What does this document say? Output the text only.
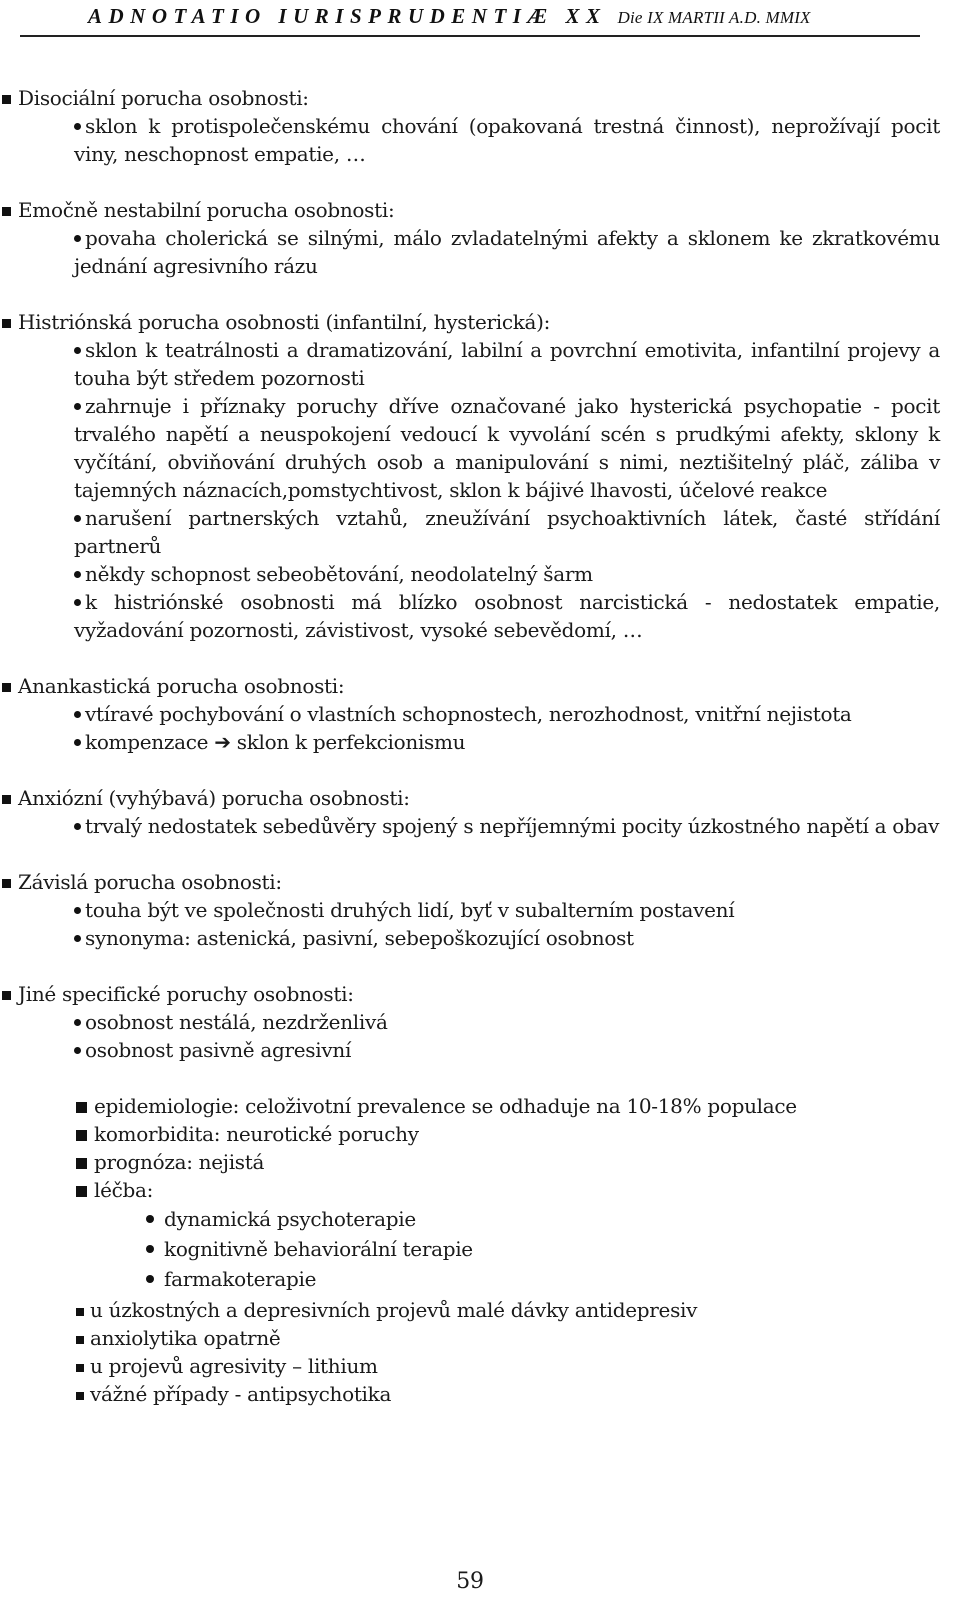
ADNOTATIO IURISPRUDENTIÆ XX Die IX MARTII A.D. MMIX
Disociální porucha osobnosti:
sklon k protispolečenskému chování (opakovaná trestná činnost), neprožívají pocit viny, neschopnost empatie, …
Emočně nestabilní porucha osobnosti:
povaha cholerická se silnými, málo zvladatelnými afekty a sklonem ke zkratkovému jednání agresivního rázu
Histriónská porucha osobnosti (infantilní, hysterická):
sklon k teatrálnosti a dramatizování, labilní a povrchní emotivita, infantilní projevy a touha být středem pozornosti
zahrnuje i příznaky poruchy dříve označované jako hysterická psychopatie - pocit trvalého napětí a neuspokojení vedoucí k vyvolání scén s prudkými afekty, sklony k vyčítání, obviňování druhých osob a manipulování s nimi, neztišitelný pláč, záliba v tajemných náznacích,pomstychtivost, sklon k bájivé lhavosti, účelové reakce
narušení partnerských vztahů, zneužívání psychoaktivních látek, časté střídání partnerů
někdy schopnost sebeobětování, neodolatelný šarm
k histriónské osobnosti má blízko osobnost narcistická - nedostatek empatie, vyžadování pozornosti, závistivost, vysoké sebevědomí, …
Anankastická porucha osobnosti:
vtíravé pochybování o vlastních schopnostech, nerozhodnost, vnitřní nejistota
kompenzace ➔ sklon k perfekcionismu
Anxiózní (vyhýbavá) porucha osobnosti:
trvalý nedostatek sebedůvěry spojený s nepříjemnými pocity úzkostného napětí a obav
Závislá porucha osobnosti:
touha být ve společnosti druhých lidí, byť v subalterním postavení
synonyma: astenická, pasivní, sebepoškozující osobnost
Jiné specifické poruchy osobnosti:
osobnost nestálá, nezdrženlivá
osobnost pasivně agresivní
epidemiologie: celoživotní prevalence se odhaduje na 10-18% populace
komorbidita: neurotické poruchy
prognóza: nejistá
léčba:
dynamická psychoterapie
kognitivně behaviorální terapie
farmakoterapie
u úzkostných a depresivních projevů malé dávky antidepresiv
anxiolytika opatrně
u projevů agresivity – lithium
vážné případy - antipsychotika
59
